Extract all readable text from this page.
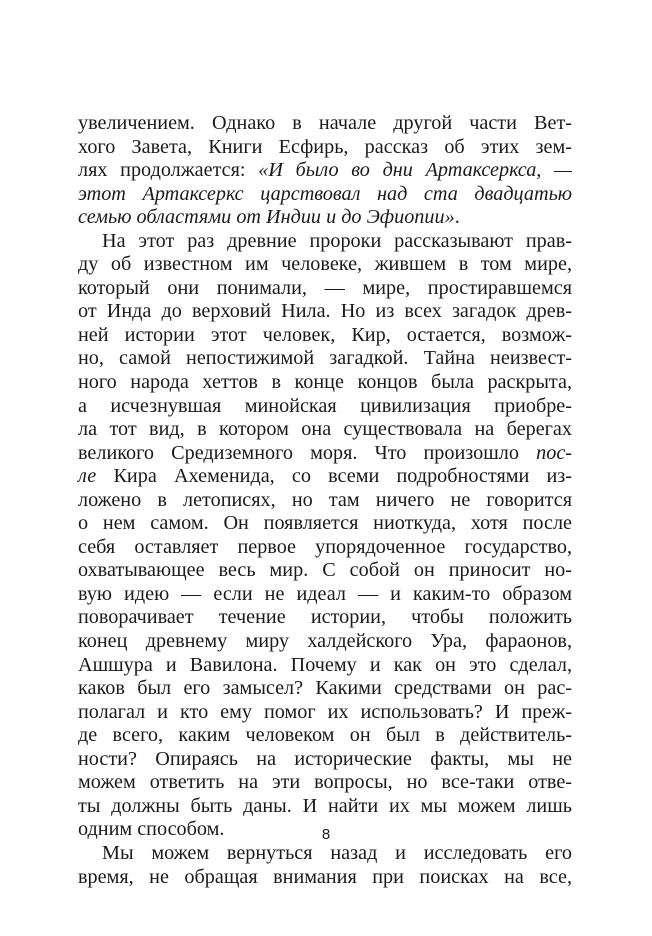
увеличением. Однако в начале другой части Вет-
хого Завета, Книги Есфирь, рассказ об этих зем-
лях продолжается: «И было во дни Артаксеркса, —
этот Артаксеркс царствовал над ста двадцатью
семью областями от Индии и до Эфиопии».
На этот раз древние пророки рассказывают прав-
ду об известном им человеке, жившем в том мире,
который они понимали, — мире, простиравшемся
от Инда до верховий Нила. Но из всех загадок древ-
ней истории этот человек, Кир, остается, возмож-
но, самой непостижимой загадкой. Тайна неизвест-
ного народа хеттов в конце концов была раскрыта,
а исчезнувшая минойская цивилизация приобре-
ла тот вид, в котором она существовала на берегах
великого Средиземного моря. Что произошло пос-
ле Кира Ахеменида, со всеми подробностями из-
ложено в летописях, но там ничего не говорится
о нем самом. Он появляется ниоткуда, хотя после
себя оставляет первое упорядоченное государство,
охватывающее весь мир. С собой он приносит но-
вую идею — если не идеал — и каким-то образом
поворачивает течение истории, чтобы положить
конец древнему миру халдейского Ура, фараонов,
Ашшура и Вавилона. Почему и как он это сделал,
каков был его замысел? Какими средствами он рас-
полагал и кто ему помог их использовать? И преж-
де всего, каким человеком он был в действитель-
ности? Опираясь на исторические факты, мы не
можем ответить на эти вопросы, но все-таки отве-
ты должны быть даны. И найти их мы можем лишь
одним способом.
Мы можем вернуться назад и исследовать его
время, не обращая внимания при поисках на все,
8
